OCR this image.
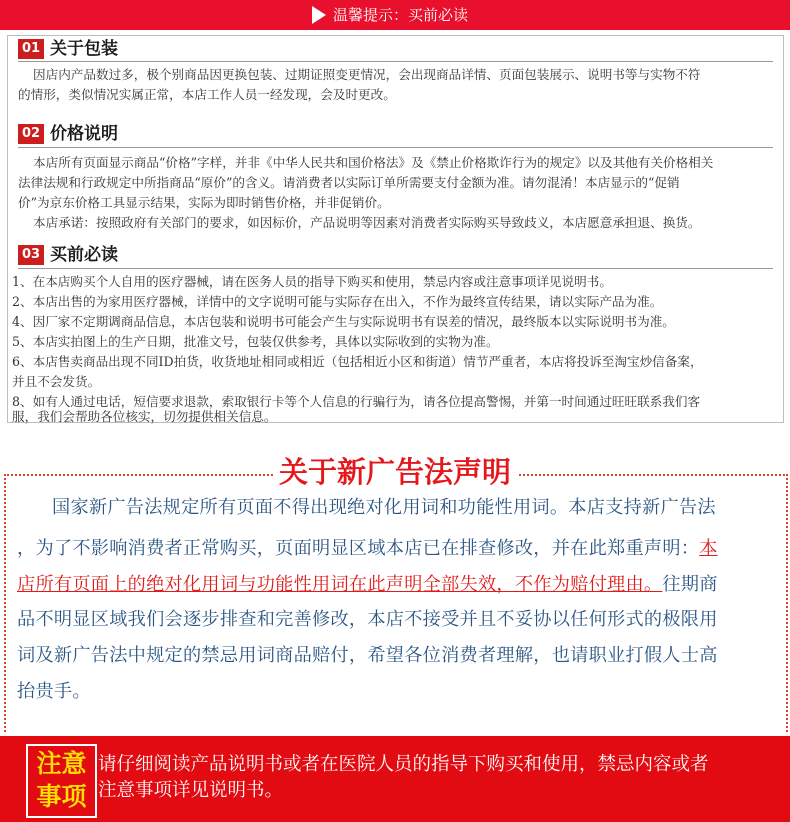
温馨提示：买前必读
01 关于包装
因店内产品数过多，极个别商品因更换包装、过期证照变更情况，会出现商品详情、页面包装展示、说明书等与实物不符
的情形，类似情况实属正常，本店工作人员一经发现，会及时更改。
02 价格说明
本店所有页面显示商品“价格”字样，并非《中华人民共和国价格法》及《禁止价格欺诈行为的规定》以及其他有关价格相关
法律法规和行政规定中所指商品“原价”的含义。请消费者以实际订单所需要支付金额为准。请勿混淆！本店显示的“促销
价”为京东价格工具显示结果，实际为即时销售价格，并非促销价。
本店承诺：按照政府有关部门的要求，如因标价，产品说明等因素对消费者实际购买导致歧义，本店愿意承担退、换货。
03 买前必读
1、在本店购买个人自用的医疗器械，请在医务人员的指导下购买和使用，禁忌内容或注意事项详见说明书。
2、本店出售的为家用医疗器械，详情中的文字说明可能与实际存在出入，不作为最终宣传结果，请以实际产品为准。
4、因厂家不定期调商品信息，本店包装和说明书可能会产生与实际说明书有误差的情况，最终版本以实际说明书为准。
5、本店实拍图上的生产日期，批准文号，包装仅供参考，具体以实际收到的实物为准。
6、本店售卖商品出现不同ID拍货，收货地址相同或相近（包括相近小区和街道）情节严重者，本店将投诉至淘宝炒信备案，
并且不会发货。
8、如有人通过电话，短信要求退款，索取银行卡等个人信息的行骗行为，请各位提高警惕，并第一时间通过旺旺联系我们客
服，我们会帮助各位核实，切勿提供相关信息。
关于新广告法声明
国家新广告法规定所有页面不得出现绝对化用词和功能性用词。本店支持新广告法
，为了不影响消费者正常购买，页面明显区域本店已在排查修改，并在此郑重声明：本
店所有页面上的绝对化用词与功能性用词在此声明全部失效，不作为赔付理由。往期商
品不明显区域我们会逐步排查和完善修改，本店不接受并且不妥协以任何形式的极限用
词及新广告法中规定的禁忌用词商品赔付，希望各位消费者理解，也请职业打假人士高
抬贵手。
注意
事项
请仔细阅读产品说明书或者在医院人员的指导下购买和使用，禁忌内容或者
注意事项详见说明书。
